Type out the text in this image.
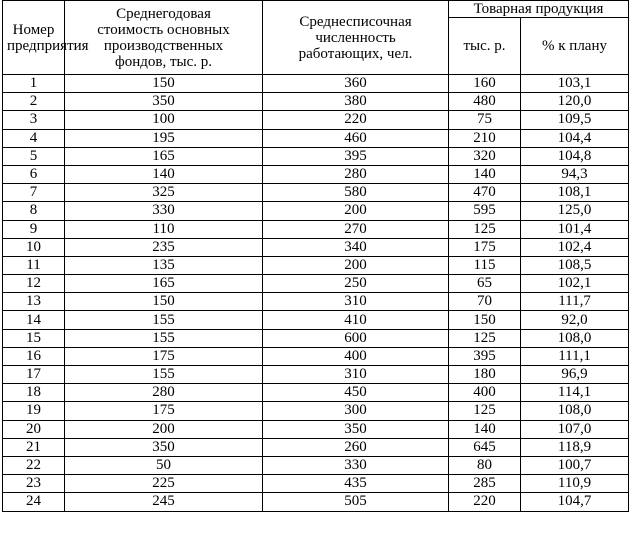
Номер предприятия	Среднегодовая стоимость основных производственных фондов, тыс. р.	Среднесписочная численность работающих, чел.	Товарная продукция	
			тыс. р.	% к плану
1	150	360	160	103,1
2	350	380	480	120,0
3	100	220	75	109,5
4	195	460	210	104,4
5	165	395	320	104,8
6	140	280	140	94,3
7	325	580	470	108,1
8	330	200	595	125,0
9	110	270	125	101,4
10	235	340	175	102,4
11	135	200	115	108,5
12	165	250	65	102,1
13	150	310	70	111,7
14	155	410	150	92,0
15	155	600	125	108,0
16	175	400	395	111,1
17	155	310	180	96,9
18	280	450	400	114,1
19	175	300	125	108,0
20	200	350	140	107,0
21	350	260	645	118,9
22	50	330	80	100,7
23	225	435	285	110,9
24	245	505	220	104,7
